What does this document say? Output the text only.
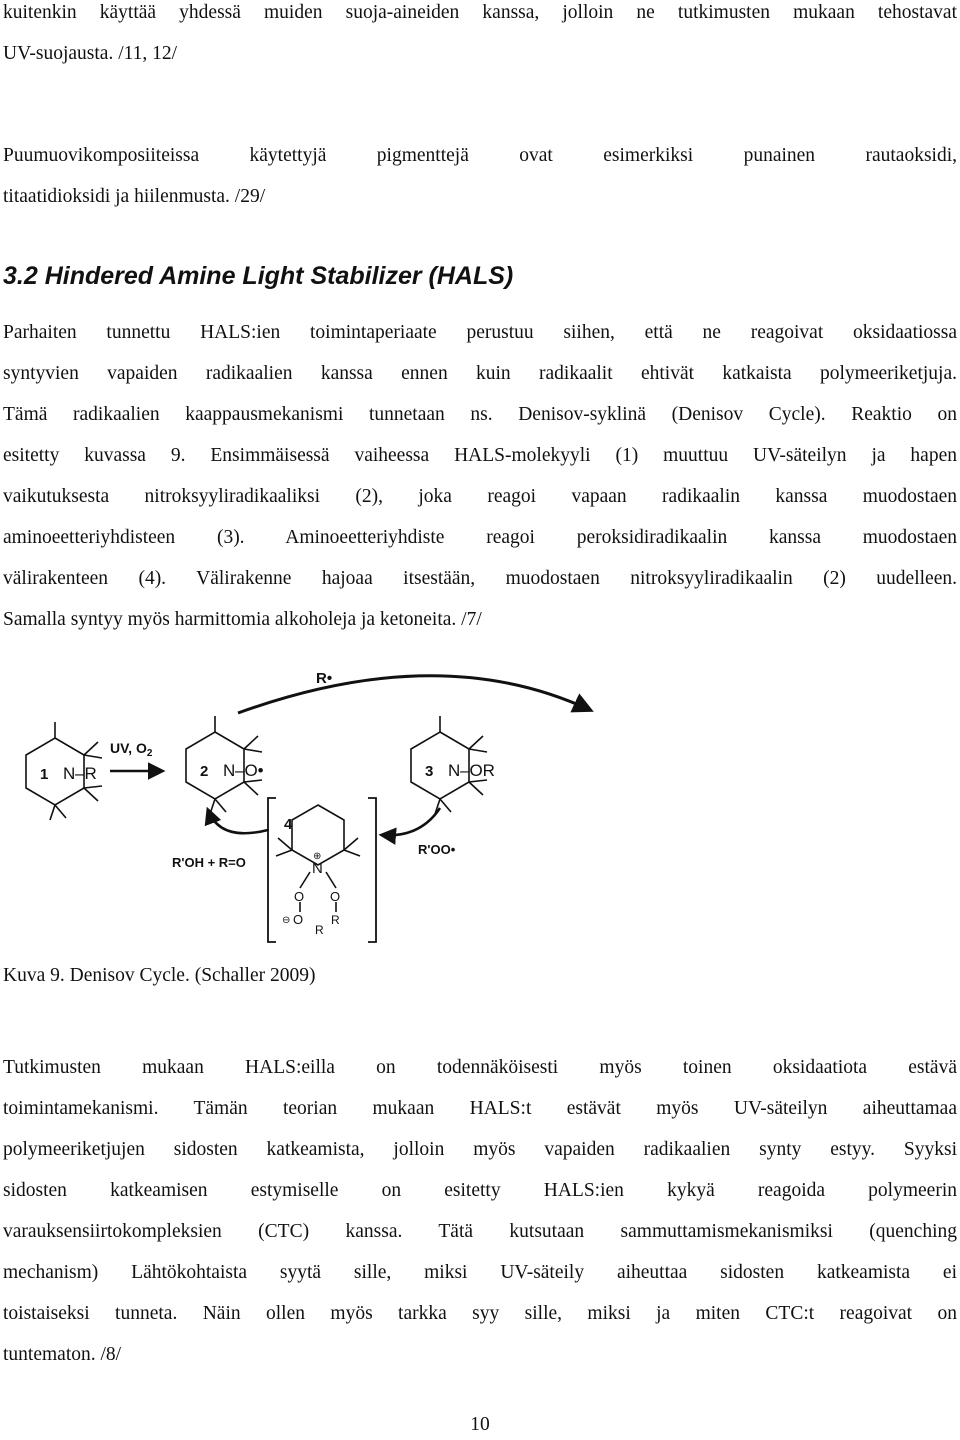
kuitenkin käyttää yhdessä muiden suoja-aineiden kanssa, jolloin ne tutkimusten mukaan tehostavat
UV-suojausta. /11, 12/
Puumuovikomposiiteissa käytettyjä pigmenttejä ovat esimerkiksi punainen rautaoksidi,
titaatidioksidi ja hiilenmusta. /29/
3.2 Hindered Amine Light Stabilizer (HALS)
Parhaiten tunnettu HALS:ien toimintaperiaate perustuu siihen, että ne reagoivat oksidaatiossa
syntyvien vapaiden radikaalien kanssa ennen kuin radikaalit ehtivät katkaista polymeeriketjuja.
Tämä radikaalien kaappausmekanismi tunnetaan ns. Denisov-syklinä (Denisov Cycle). Reaktio on
esitetty kuvassa 9. Ensimmäisessä vaiheessa HALS-molekyyli (1) muuttuu UV-säteilyn ja hapen
vaikutuksesta nitroksyyliradikaaliksi (2), joka reagoi vapaan radikaalin kanssa muodostaen
aminoeetteriyhdisteen (3). Aminoeetteriyhdiste reagoi peroksidiradikaalin kanssa muodostaen
välirakenteen (4). Välirakenne hajoaa itsestään, muodostaen nitroksyyliradikaalin (2) uudelleen.
Samalla syntyy myös harmittomia alkoholeja ja ketoneita. /7/
R•
1 N –R
UV, $O_2$
2 N –O•	3 N –OR
R'OH + R=O
R'OO•
4
N
⊕
O O
⊖ O R
R

Kuva 9. Denisov Cycle. (Schaller 2009)

Tutkimusten mukaan HALS:eilla on todennäköisesti myös toinen oksidaatiota estävä
toimintamekanismi. Tämän teorian mukaan HALS:t estävät myös UV-säteilyn aiheuttamaa
polymeeriketjujen sidosten katkeamista, jolloin myös vapaiden radikaalien synty estyy. Syyksi
sidosten katkeamisen estymiselle on esitetty HALS:ien kykyä reagoida polymeerin
varauksensiirtokompleksien (CTC) kanssa. Tätä kutsutaan sammuttamismekanismiksi (quenching
mechanism) Lähtökohtaista syytä sille, miksi UV-säteily aiheuttaa sidosten katkeamista ei
toistaiseksi tunneta. Näin ollen myös tarkka syy sille, miksi ja miten CTC:t reagoivat on
tuntematon. /8/
10
